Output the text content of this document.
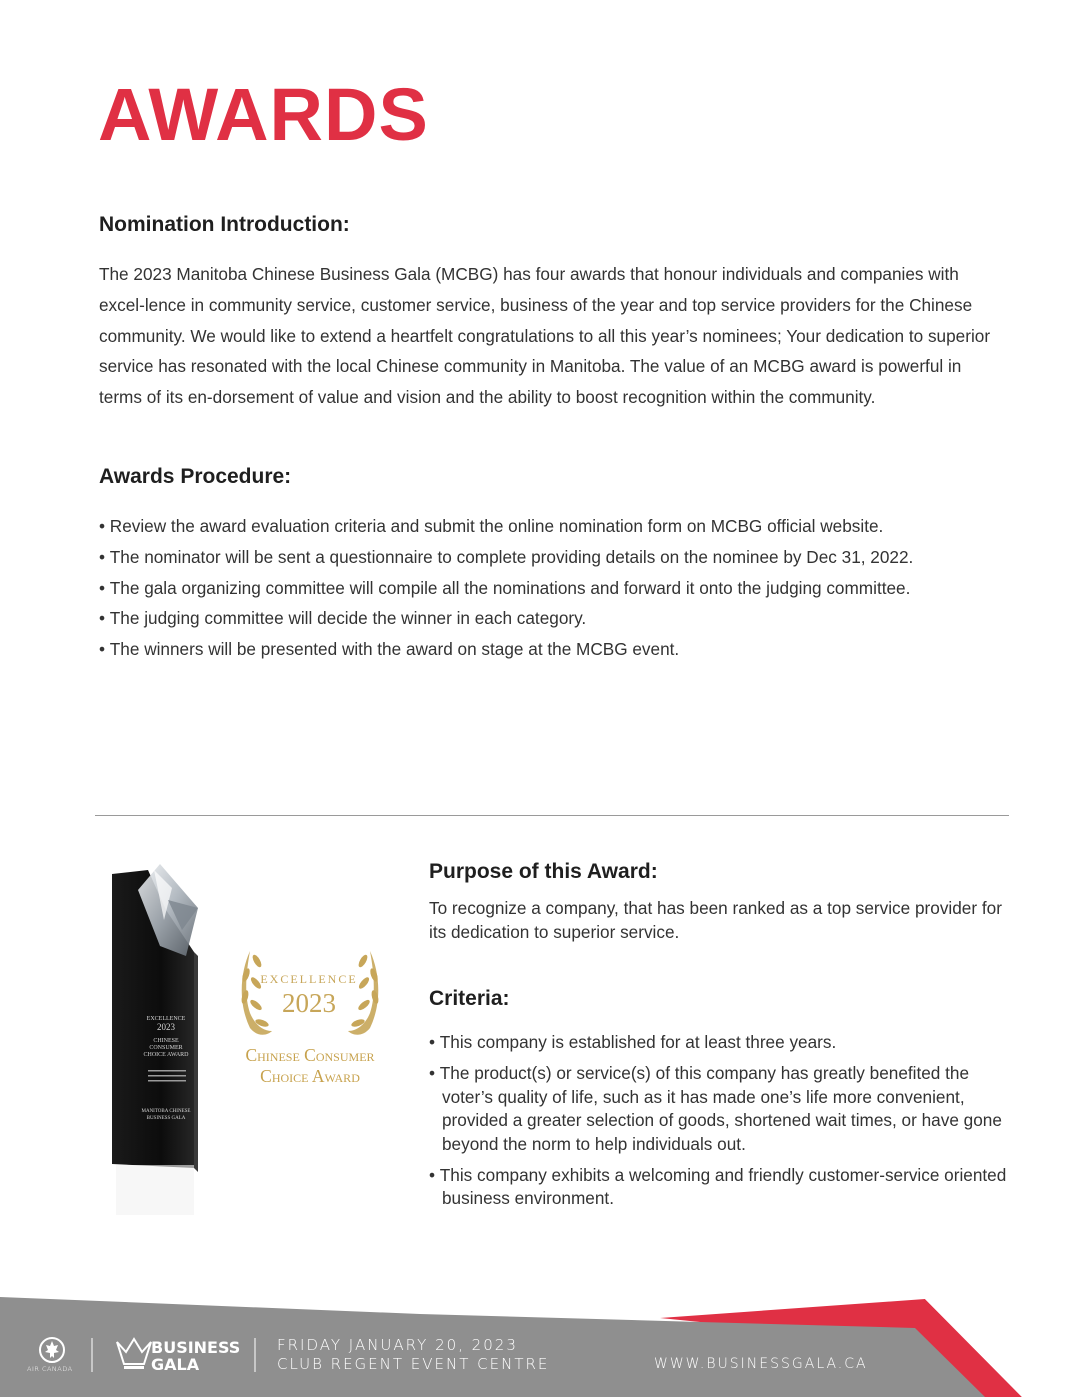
AWARDS
Nomination Introduction:

The 2023 Manitoba Chinese Business Gala (MCBG) has four awards that honour individuals and companies with excel-lence in community service, customer service, business of the year and top service providers for the Chinese community. We would like to extend a heartfelt congratulations to all this year’s nominees; Your dedication to superior service has resonated with the local Chinese community in Manitoba. The value of an MCBG award is powerful in terms of its en-dorsement of value and vision and the ability to boost recognition within the community.

Awards Procedure:
• Review the award evaluation criteria and submit the online nomination form on MCBG official website.
• The nominator will be sent a questionnaire to complete providing details on the nominee by Dec 31, 2022.
• The gala organizing committee will compile all the nominations and forward it onto the judging committee.
• The judging committee will decide the winner in each category.
• The winners will be presented with the award on stage at the MCBG event.
EXCELLENCE
2023
CHINESE
CONSUMER
CHOICE AWARD
MANITOBA CHINESE
BUSINESS GALA
EXCELLENCE
2023
Chinese Consumer
Choice Award
Purpose of this Award:

To recognize a company, that has been ranked as a top service provider for its dedication to superior service.

Criteria:
• This company is established for at least three years.
• The product(s) or service(s) of this company has greatly benefited the voter’s quality of life, such as it has made one’s life more convenient, provided a greater selection of goods, shortened wait times, or have gone beyond the norm to help individuals out.
• This company exhibits a welcoming and friendly customer-service oriented business environment.
AIR CANADA
BUSINESS
GALA
FRIDAY JANUARY 20, 2023
CLUB REGENT EVENT CENTRE	WWW.BUSINESSGALA.CA
